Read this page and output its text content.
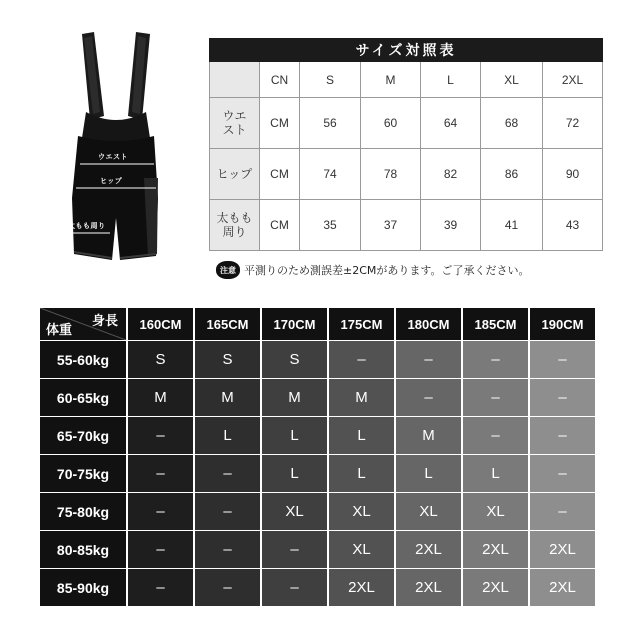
ウエスト
ヒップ
太もも周り
サイズ対照表						
	CN	S	M	L	XL	2XL
ウエ
スト	CM	56	60	64	68	72
ヒップ	CM	74	78	82	86	90
太もも
周り	CM	35	37	39	41	43
注意 平測りのため測誤差±2CMがあります。ご了承ください。
身長
体重	160CM	165CM	170CM	175CM	180CM	185CM	190CM
55-60kg	S	S	S	–	–	–	–
60-65kg	M	M	M	M	–	–	–
65-70kg	–	L	L	L	M	–	–
70-75kg	–	–	L	L	L	L	–
75-80kg	–	–	XL	XL	XL	XL	–
80-85kg	–	–	–	XL	2XL	2XL	2XL
85-90kg	–	–	–	2XL	2XL	2XL	2XL
